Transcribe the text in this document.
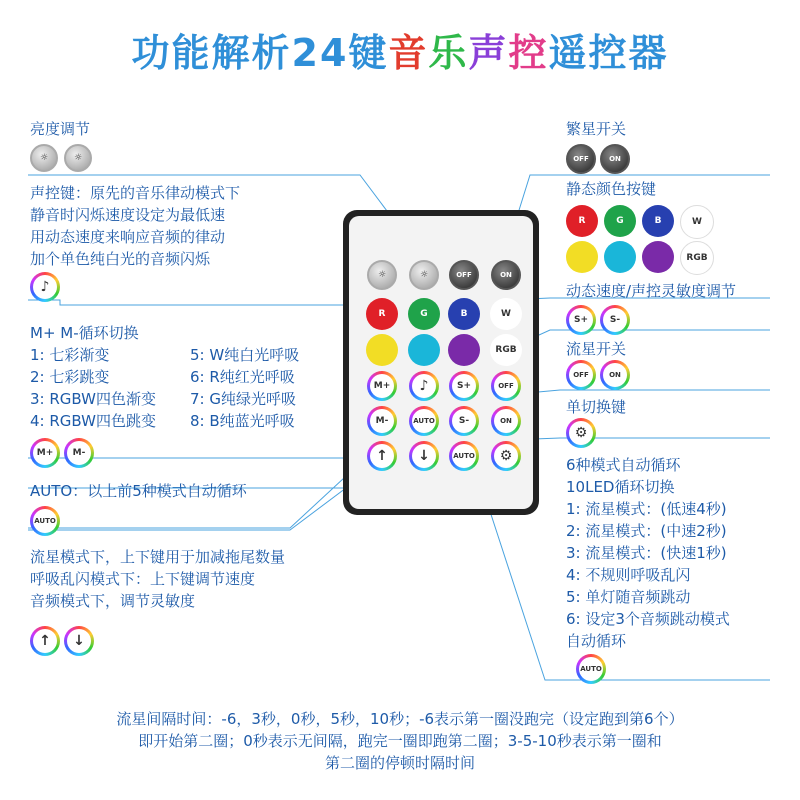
功能解析24键音乐声控遥控器
亮度调节
☼	☼
声控键：原先的音乐律动模式下
静音时闪烁速度设定为最低速
用动态速度来响应音频的律动
加个单色纯白光的音频闪烁
♪
M+ M-循环切换
1: 七彩渐变	5: W纯白光呼吸
2: 七彩跳变	6: R纯红光呼吸
3: RGBW四色渐变	7: G纯绿光呼吸
4: RGBW四色跳变	8: B纯蓝光呼吸
M+ M-
AUTO：以上前5种模式自动循环
AUTO
流星模式下，上下键用于加减拖尾数量
呼吸乱闪模式下：上下键调节速度
音频模式下，调节灵敏度
↑ ↓
☼	☼	OFF	ON
R	G	B	W
RGB
M+ ♪	S+	OFF
M-	AUTO	S-	ON
↑ ↓	AUTO ⚙
繁星开关
OFF	ON
静态颜色按键
R	G	B	W
RGB
动态速度/声控灵敏度调节
S+ S-
流星开关
OFF	ON
单切换键
⚙
6种模式自动循环
10LED循环切换
1: 流星模式：(低速4秒)
2: 流星模式：(中速2秒)
3: 流星模式：(快速1秒)
4: 不规则呼吸乱闪
5: 单灯随音频跳动
6: 设定3个音频跳动模式
自动循环
AUTO
流星间隔时间：-6，3秒，0秒，5秒，10秒；-6表示第一圈没跑完（设定跑到第6个）
即开始第二圈；0秒表示无间隔，跑完一圈即跑第二圈；3-5-10秒表示第一圈和
第二圈的停顿时隔时间
